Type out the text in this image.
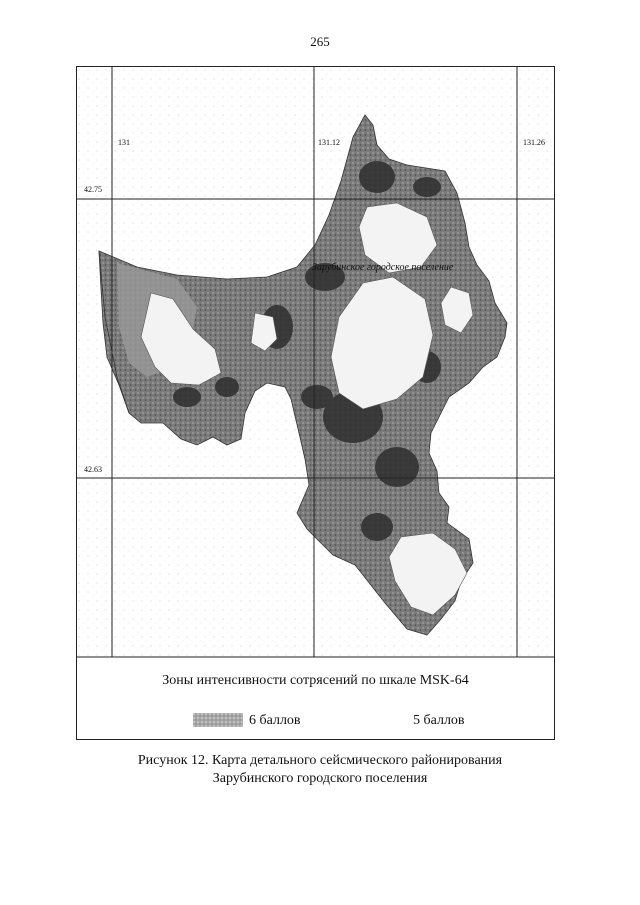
265
131	131.12	131.26
42.75
42.63
Зарубинское городское поселение
Зоны интенсивности сотрясений по шкале MSK-64
6 баллов	5 баллов
Рисунок 12. Карта детального сейсмического районирования
Зарубинского городского поселения
